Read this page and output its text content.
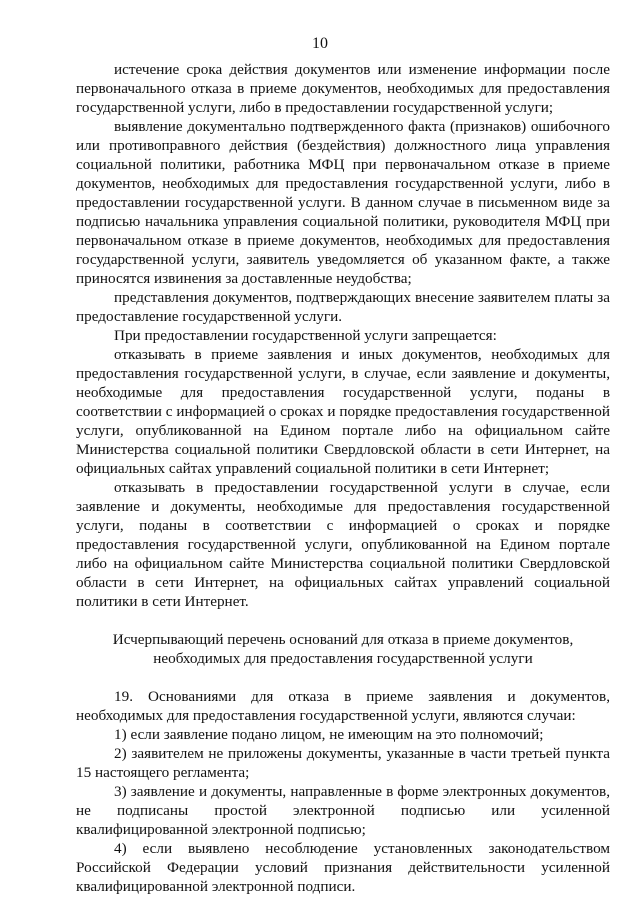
10

истечение срока действия документов или изменение информации после первоначального отказа в приеме документов, необходимых для предоставления государственной услуги, либо в предоставлении государственной услуги;

выявление документально подтвержденного факта (признаков) ошибочного или противоправного действия (бездействия) должностного лица управления социальной политики, работника МФЦ при первоначальном отказе в приеме документов, необходимых для предоставления государственной услуги, либо в предоставлении государственной услуги. В данном случае в письменном виде за подписью начальника управления социальной политики, руководителя МФЦ при первоначальном отказе в приеме документов, необходимых для предоставления государственной услуги, заявитель уведомляется об указанном факте, а также приносятся извинения за доставленные неудобства;

представления документов, подтверждающих внесение заявителем платы за предоставление государственной услуги.

При предоставлении государственной услуги запрещается:

отказывать в приеме заявления и иных документов, необходимых для предоставления государственной услуги, в случае, если заявление и документы, необходимые для предоставления государственной услуги, поданы в соответствии с информацией о сроках и порядке предоставления государственной услуги, опубликованной на Едином портале либо на официальном сайте Министерства социальной политики Свердловской области в сети Интернет, на официальных сайтах управлений социальной политики в сети Интернет;

отказывать в предоставлении государственной услуги в случае, если заявление и документы, необходимые для предоставления государственной услуги, поданы в соответствии с информацией о сроках и порядке предоставления государственной услуги, опубликованной на Едином портале либо на официальном сайте Министерства социальной политики Свердловской области в сети Интернет, на официальных сайтах управлений социальной политики в сети Интернет.

Исчерпывающий перечень оснований для отказа в приеме документов,
необходимых для предоставления государственной услуги

19. Основаниями для отказа в приеме заявления и документов, необходимых для предоставления государственной услуги, являются случаи:

1) если заявление подано лицом, не имеющим на это полномочий;

2) заявителем не приложены документы, указанные в части третьей пункта 15 настоящего регламента;

3) заявление и документы, направленные в форме электронных документов, не подписаны простой электронной подписью или усиленной квалифицированной электронной подписью;

4) если выявлено несоблюдение установленных законодательством Российской Федерации условий признания действительности усиленной квалифицированной электронной подписи.
